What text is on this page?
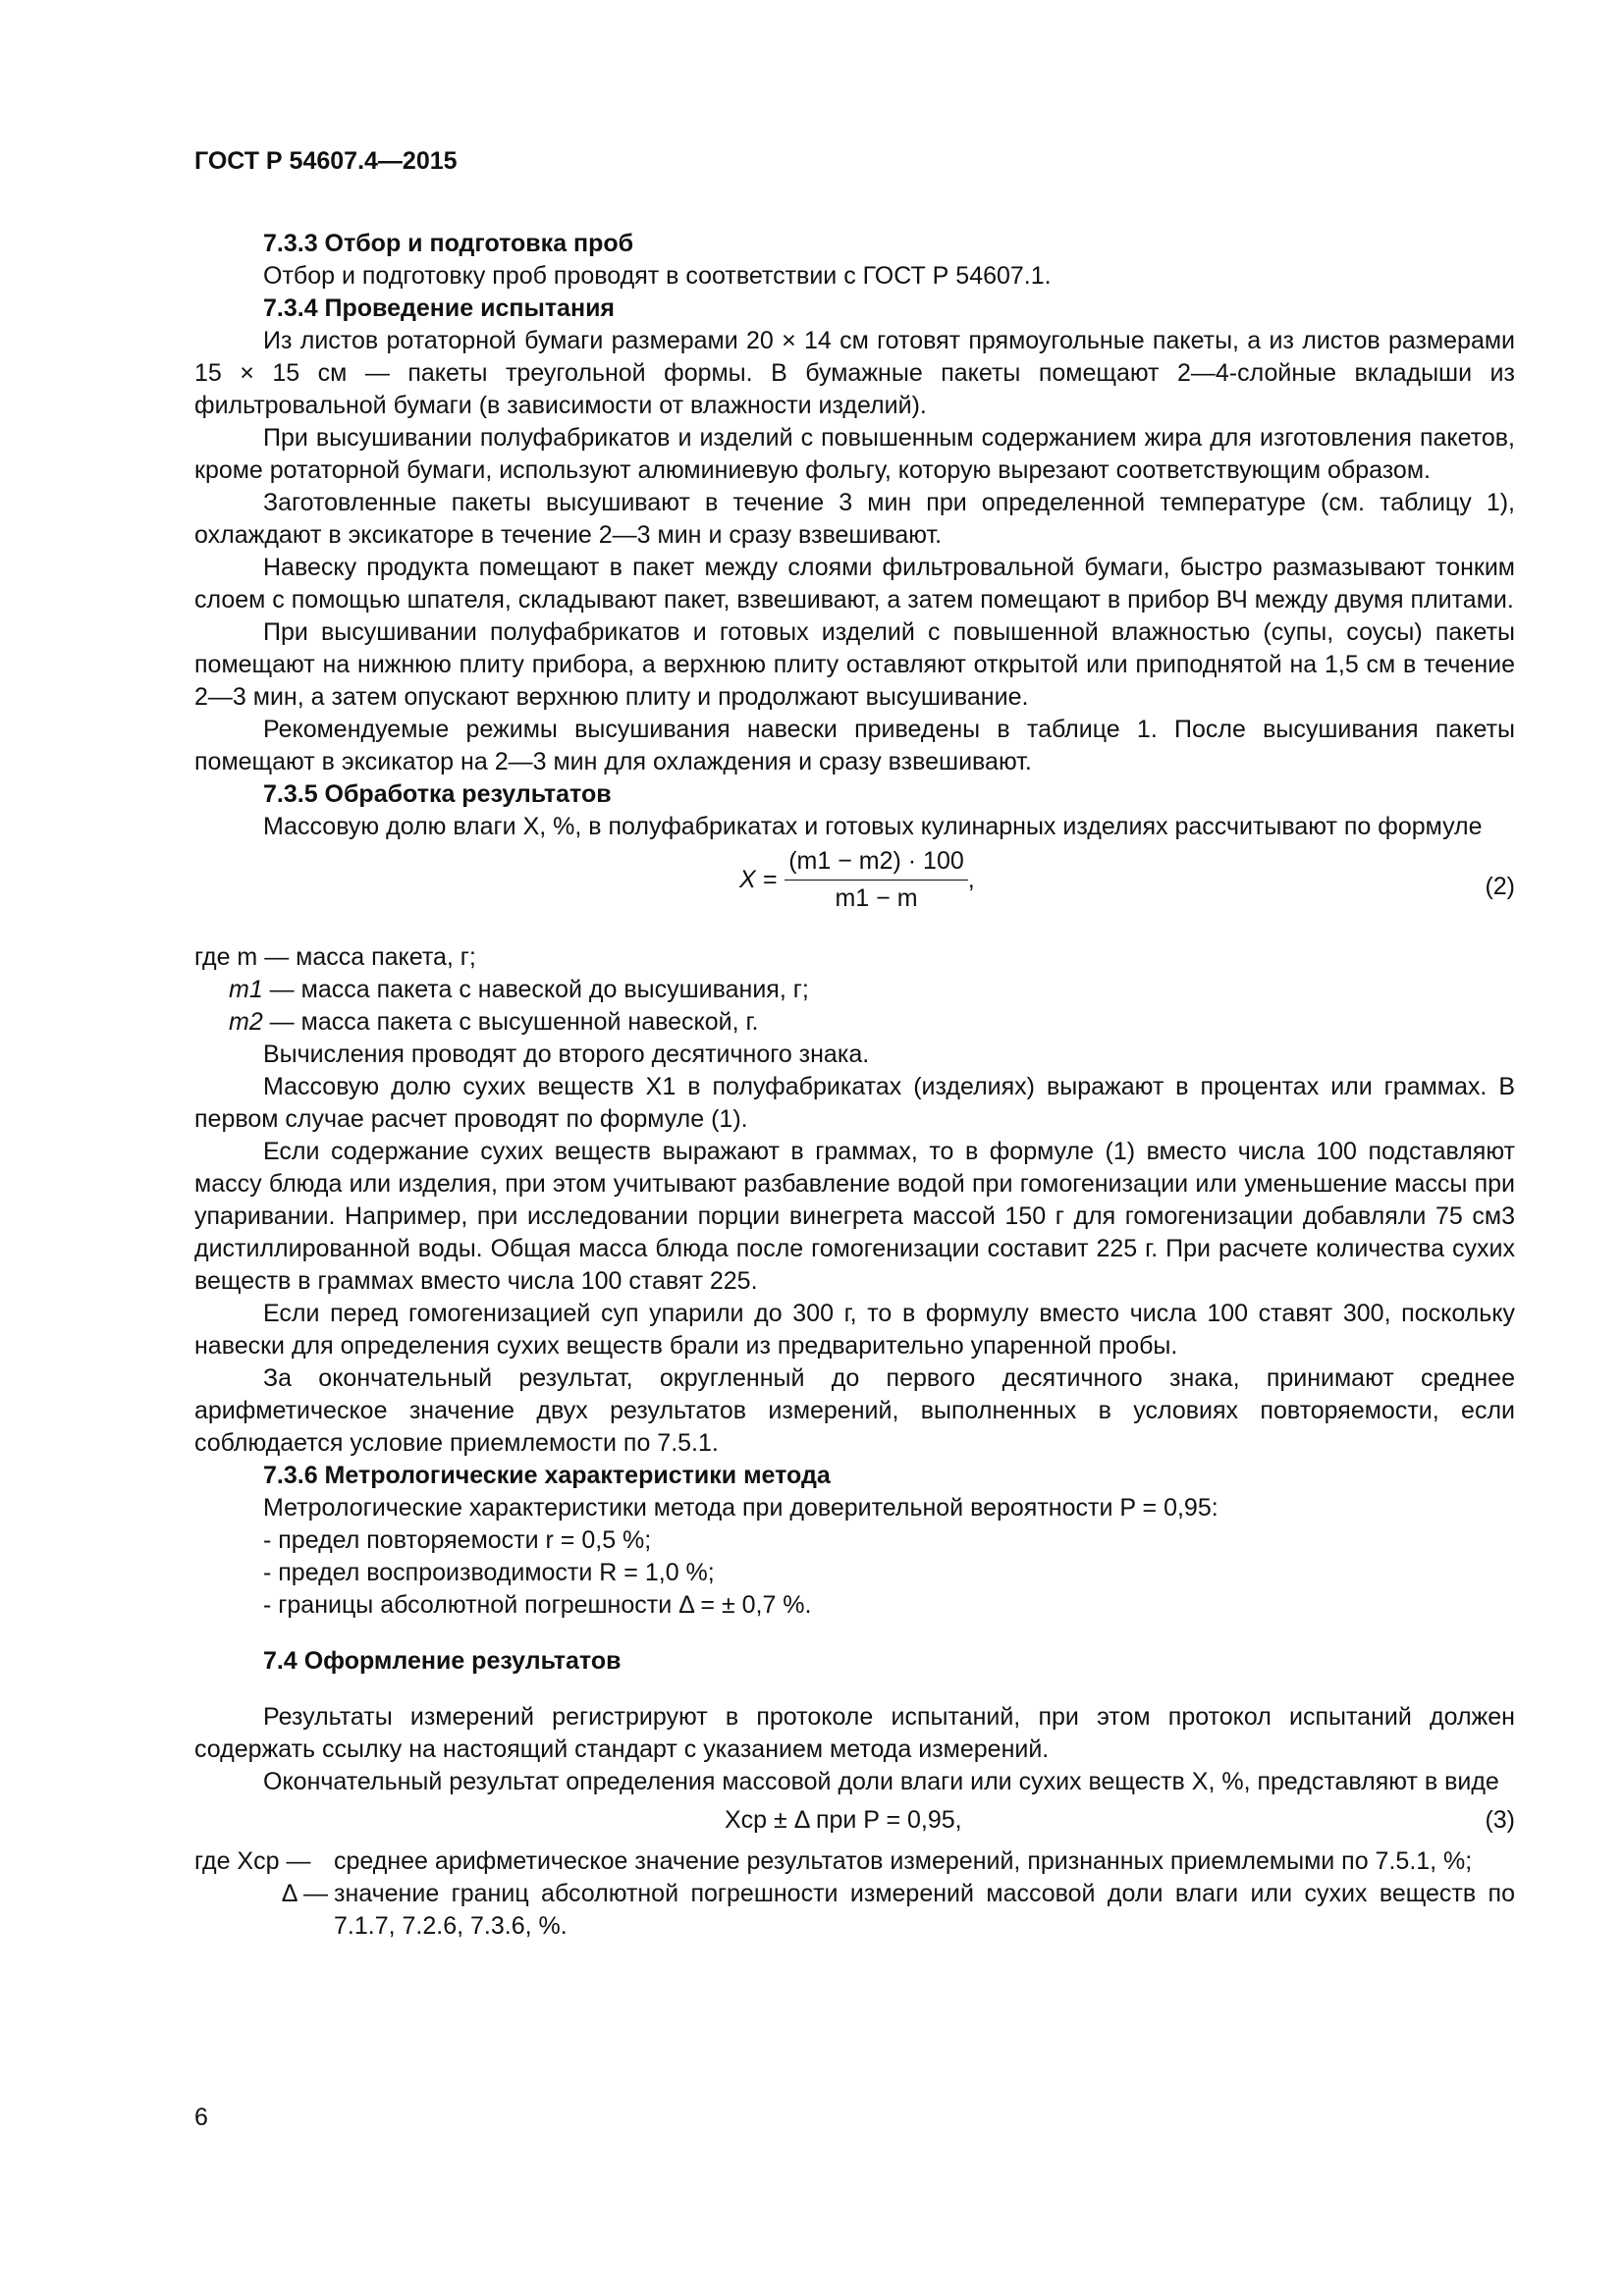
ГОСТ Р 54607.4—2015

7.3.3 Отбор и подготовка проб

Отбор и подготовку проб проводят в соответствии с ГОСТ Р 54607.1.

7.3.4 Проведение испытания

Из листов ротаторной бумаги размерами 20 × 14 см готовят прямоугольные пакеты, а из листов размерами 15 × 15 см — пакеты треугольной формы. В бумажные пакеты помещают 2—4-слойные вкладыши из фильтровальной бумаги (в зависимости от влажности изделий).

При высушивании полуфабрикатов и изделий с повышенным содержанием жира для изготовления пакетов, кроме ротаторной бумаги, используют алюминиевую фольгу, которую вырезают соответствующим образом.

Заготовленные пакеты высушивают в течение 3 мин при определенной температуре (см. таблицу 1), охлаждают в эксикаторе в течение 2—3 мин и сразу взвешивают.

Навеску продукта помещают в пакет между слоями фильтровальной бумаги, быстро размазывают тонким слоем с помощью шпателя, складывают пакет, взвешивают, а затем помещают в прибор ВЧ между двумя плитами.

При высушивании полуфабрикатов и готовых изделий с повышенной влажностью (супы, соусы) пакеты помещают на нижнюю плиту прибора, а верхнюю плиту оставляют открытой или приподнятой на 1,5 см в течение 2—3 мин, а затем опускают верхнюю плиту и продолжают высушивание.

Рекомендуемые режимы высушивания навески приведены в таблице 1. После высушивания пакеты помещают в эксикатор на 2—3 мин для охлаждения и сразу взвешивают.

7.3.5 Обработка результатов

Массовую долю влаги X, %, в полуфабрикатах и готовых кулинарных изделиях рассчитывают по формуле

$X = \frac{(m1 - m2) \cdot 100}{m1 - m}$ ,	(2)

где m — масса пакета, г;

m1 — масса пакета с навеской до высушивания, г;

m2 — масса пакета с высушенной навеской, г.

Вычисления проводят до второго десятичного знака.

Массовую долю сухих веществ X1 в полуфабрикатах (изделиях) выражают в процентах или граммах. В первом случае расчет проводят по формуле (1).

Если содержание сухих веществ выражают в граммах, то в формуле (1) вместо числа 100 подставляют массу блюда или изделия, при этом учитывают разбавление водой при гомогенизации или уменьшение массы при упаривании. Например, при исследовании порции винегрета массой 150 г для гомогенизации добавляли 75 см3 дистиллированной воды. Общая масса блюда после гомогенизации составит 225 г. При расчете количества сухих веществ в граммах вместо числа 100 ставят 225.

Если перед гомогенизацией суп упарили до 300 г, то в формулу вместо числа 100 ставят 300, поскольку навески для определения сухих веществ брали из предварительно упаренной пробы.

За окончательный результат, округленный до первого десятичного знака, принимают среднее арифметическое значение двух результатов измерений, выполненных в условиях повторяемости, если соблюдается условие приемлемости по 7.5.1.

7.3.6 Метрологические характеристики метода

Метрологические характеристики метода при доверительной вероятности P = 0,95:

- предел повторяемости r = 0,5 %;

- предел воспроизводимости R = 1,0 %;

- границы абсолютной погрешности Δ = ± 0,7 %.

7.4 Оформление результатов

Результаты измерений регистрируют в протоколе испытаний, при этом протокол испытаний должен содержать ссылку на настоящий стандарт с указанием метода измерений.

Окончательный результат определения массовой доли влаги или сухих веществ X, %, представляют в виде

Xср ± Δ при P = 0,95,	(3)
где Xср — среднее арифметическое значение результатов измерений, признанных приемлемыми по 7.5.1, %;
Δ — значение границ абсолютной погрешности измерений массовой доли влаги или сухих веществ по 7.1.7, 7.2.6, 7.3.6, %.
6
